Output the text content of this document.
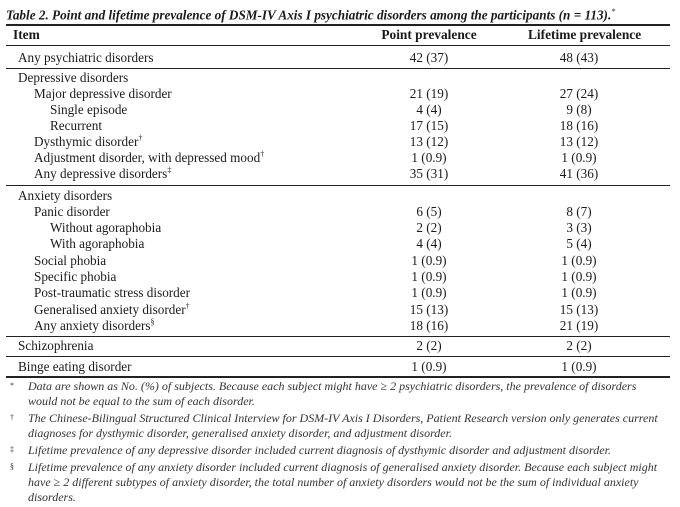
Table 2. Point and lifetime prevalence of DSM-IV Axis I psychiatric disorders among the participants (n = 113).*
Item	Point prevalence	Lifetime prevalence
Any psychiatric disorders	42 (37)	48 (43)
Depressive disorders
Major depressive disorder	21 (19)	27 (24)
Single episode	4 (4)	9 (8)
Recurrent	17 (15)	18 (16)
Dysthymic disorder†	13 (12)	13 (12)
Adjustment disorder, with depressed mood†	1 (0.9)	1 (0.9)
Any depressive disorders‡	35 (31)	41 (36)
Anxiety disorders
Panic disorder	6 (5)	8 (7)
Without agoraphobia	2 (2)	3 (3)
With agoraphobia	4 (4)	5 (4)
Social phobia	1 (0.9)	1 (0.9)
Specific phobia	1 (0.9)	1 (0.9)
Post-traumatic stress disorder	1 (0.9)	1 (0.9)
Generalised anxiety disorder†	15 (13)	15 (13)
Any anxiety disorders§	18 (16)	21 (19)
Schizophrenia	2 (2)	2 (2)
Binge eating disorder	1 (0.9)	1 (0.9)
* Data are shown as No. (%) of subjects. Because each subject might have ≥ 2 psychiatric disorders, the prevalence of disorders would not be equal to the sum of each disorder.
† The Chinese-Bilingual Structured Clinical Interview for DSM-IV Axis I Disorders, Patient Research version only generates current diagnoses for dysthymic disorder, generalised anxiety disorder, and adjustment disorder.
‡ Lifetime prevalence of any depressive disorder included current diagnosis of dysthymic disorder and adjustment disorder.
§ Lifetime prevalence of any anxiety disorder included current diagnosis of generalised anxiety disorder. Because each subject might have ≥ 2 different subtypes of anxiety disorder, the total number of anxiety disorders would not be the sum of individual anxiety disorders.
